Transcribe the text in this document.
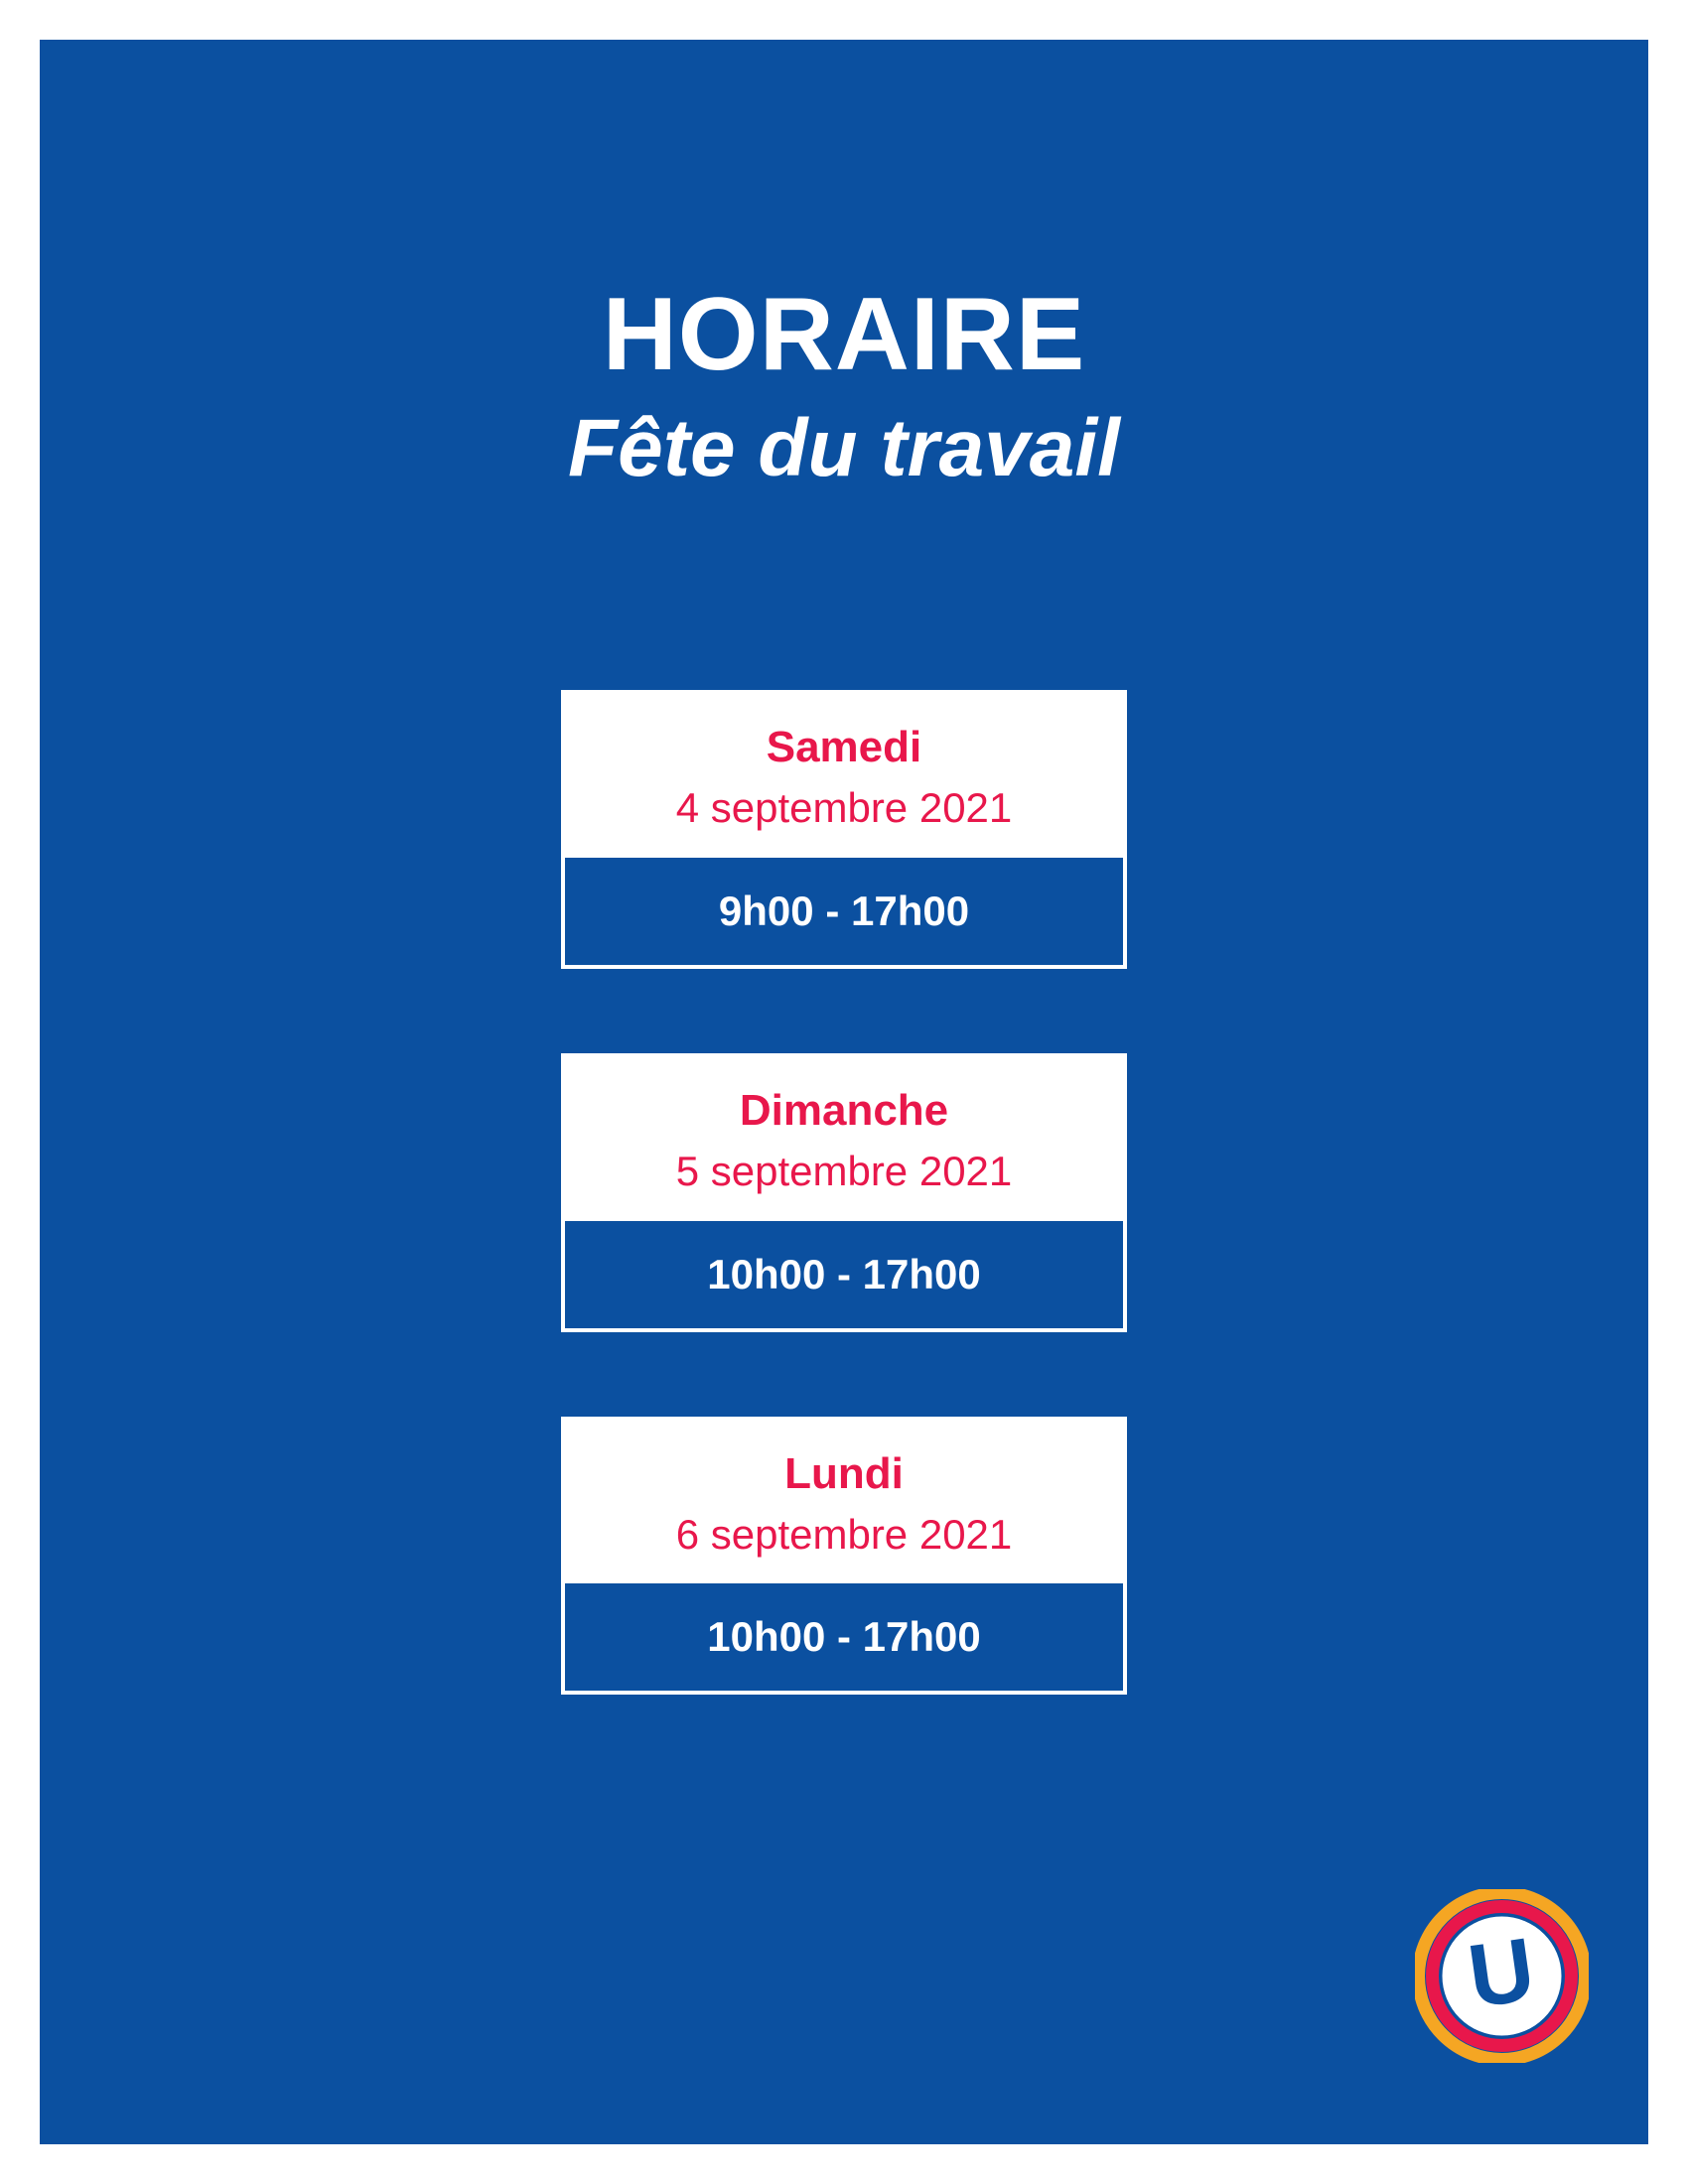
HORAIRE
Fête du travail
Samedi
4 septembre 2021
9h00 - 17h00
Dimanche
5 septembre 2021
10h00 - 17h00
Lundi
6 septembre 2021
10h00 - 17h00
U
